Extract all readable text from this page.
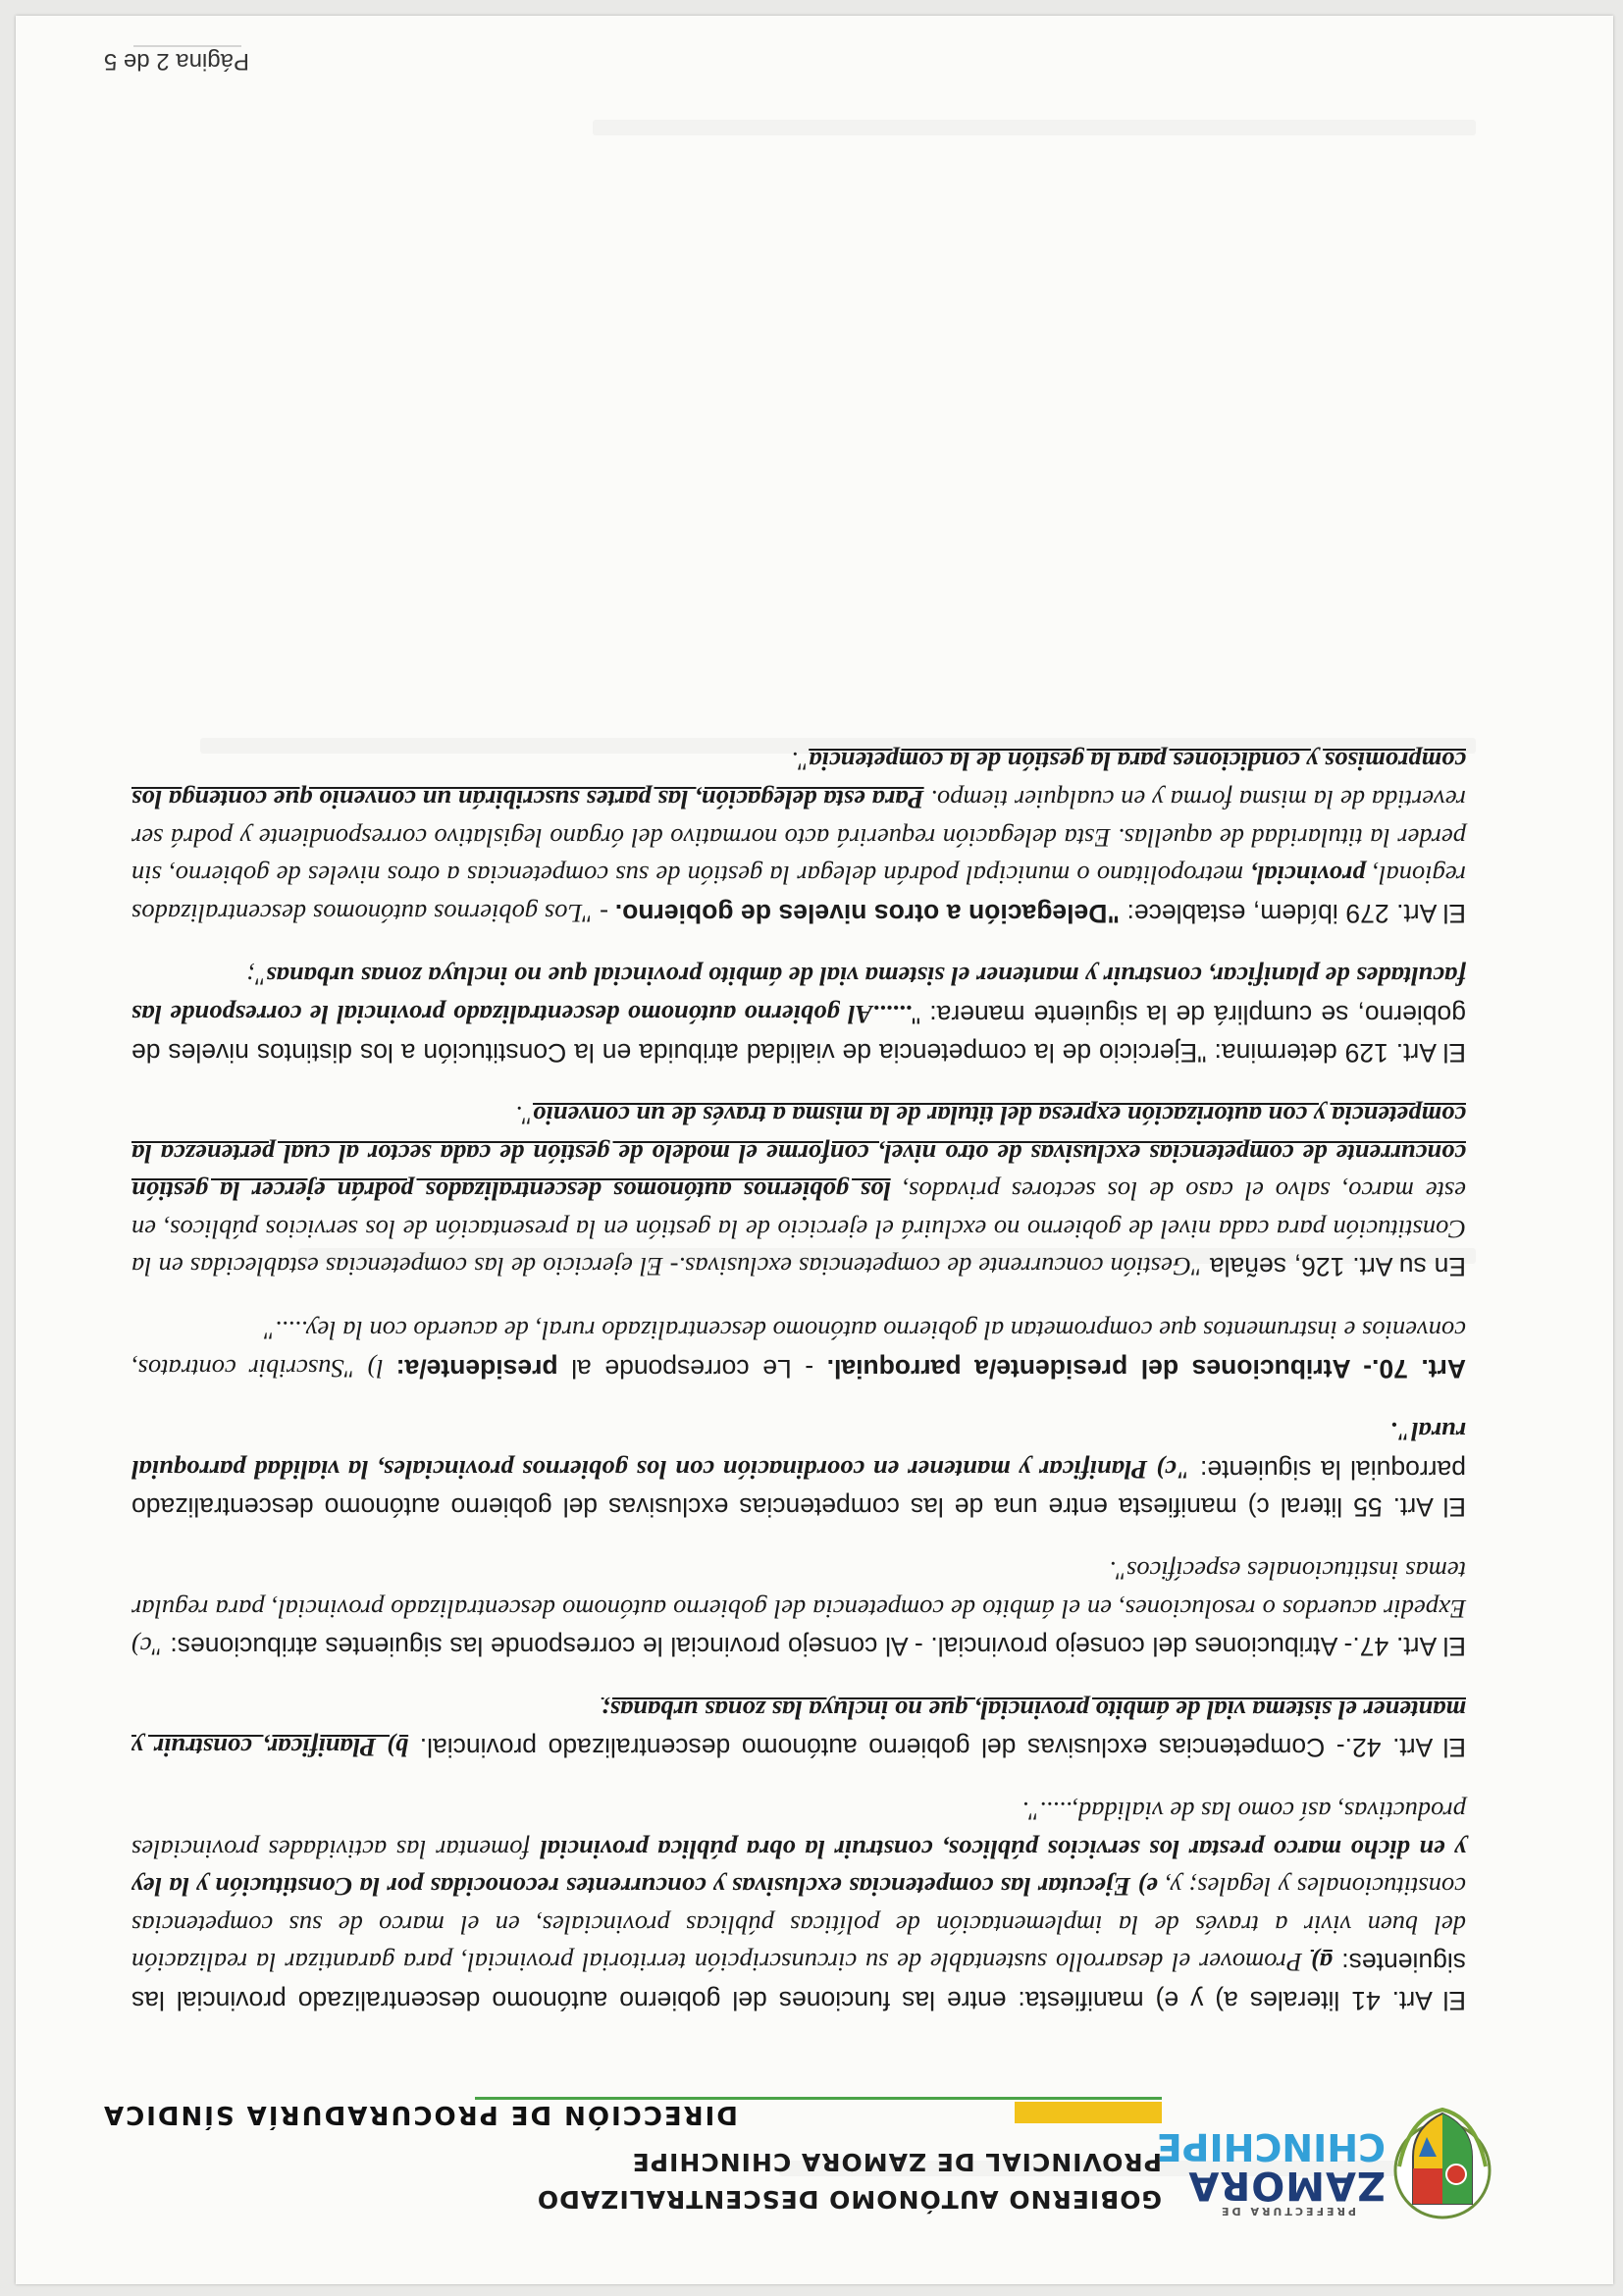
PREFECTURA DE
ZAMORA
CHINCHIPE
GOBIERNO AUTÓNOMO DESCENTRALIZADO
PROVINCIAL DE ZAMORA CHINCHIPE
DIRECCIÓN DE PROCURADURÍA SÍNDICA

El Art. 41 literales a) y e) manifiesta: entre las funciones del gobierno autónomo descentralizado provincial las siguientes: a) Promover el desarrollo sustentable de su circunscripción territorial provincial, para garantizar la realización del buen vivir a través de la implementación de políticas públicas provinciales, en el marco de sus competencias constitucionales y legales; y, e) Ejecutar las competencias exclusivas y concurrentes reconocidas por la Constitución y la ley y en dicho marco prestar los servicios públicos, construir la obra pública provincial fomentar las actividades provinciales productivas, así como las de vialidad,.....".

El Art. 42.- Competencias exclusivas del gobierno autónomo descentralizado provincial. b) Planificar, construir y mantener el sistema vial de ámbito provincial, que no incluya las zonas urbanas;

El Art. 47.- Atribuciones del consejo provincial. - Al consejo provincial le corresponde las siguientes atribuciones: "c) Expedir acuerdos o resoluciones, en el ámbito de competencia del gobierno autónomo descentralizado provincial, para regular temas institucionales específicos".

El Art. 55 literal c) manifiesta entre una de las competencias exclusivas del gobierno autónomo descentralizado parroquial la siguiente: "c) Planificar y mantener en coordinación con los gobiernos provinciales, la vialidad parroquial rural".

Art. 70.- Atribuciones del presidente/a parroquial. - Le corresponde al presidente/a: l) "Suscribir contratos, convenios e instrumentos que comprometan al gobierno autónomo descentralizado rural, de acuerdo con la ley....."

En su Art. 126, señala "Gestión concurrente de competencias exclusivas.- El ejercicio de las competencias establecidas en la Constitución para cada nivel de gobierno no excluirá el ejercicio de la gestión en la presentación de los servicios públicos, en este marco, salvo el caso de los sectores privados, los gobiernos autónomos descentralizados podrán ejercer la gestión concurrente de competencias exclusivas de otro nivel, conforme el modelo de gestión de cada sector al cual pertenezca la competencia y con autorización expresa del titular de la misma a través de un convenio".

El Art. 129 determina: "Ejercicio de la competencia de vialidad atribuida en la Constitución a los distintos niveles de gobierno, se cumplirá de la siguiente manera: "......Al gobierno autónomo descentralizado provincial le corresponde las facultades de planificar, construir y mantener el sistema vial de ámbito provincial que no incluya zonas urbanas";

El Art. 279 ibídem, establece: "Delegación a otros niveles de gobierno. - "Los gobiernos autónomos descentralizados regional, provincial, metropolitano o municipal podrán delegar la gestión de sus competencias a otros niveles de gobierno, sin perder la titularidad de aquellas. Esta delegación requerirá acto normativo del órgano legislativo correspondiente y podrá ser revertida de la misma forma y en cualquier tiempo. Para esta delegación, las partes suscribirán un convenio que contenga los compromisos y condiciones para la gestión de la competencia".

Página 2 de 5
